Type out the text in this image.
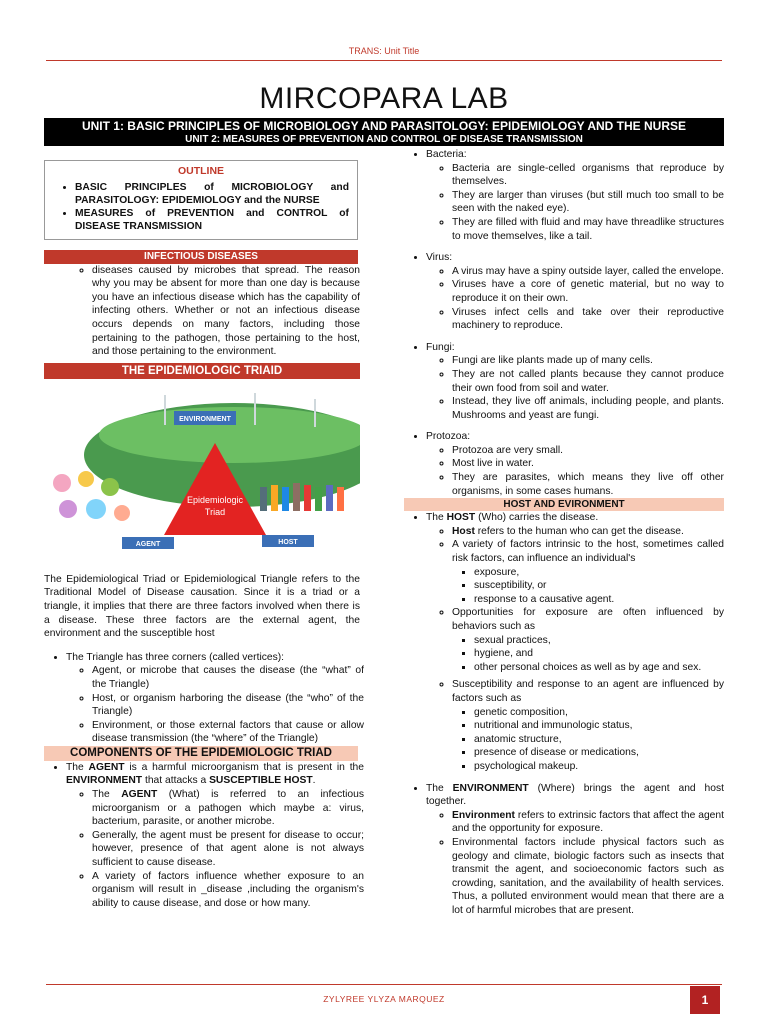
TRANS: Unit Title
MIRCOPARA LAB
UNIT 1: BASIC PRINCIPLES OF MICROBIOLOGY AND PARASITOLOGY: EPIDEMIOLOGY AND THE NURSE
UNIT 2: MEASURES OF PREVENTION AND CONTROL OF DISEASE TRANSMISSION
OUTLINE
• BASIC PRINCIPLES of MICROBIOLOGY and PARASITOLOGY: EPIDEMIOLOGY and the NURSE
• MEASURES of PREVENTION and CONTROL of DISEASE TRANSMISSION
INFECTIOUS DISEASES
◦ diseases caused by microbes that spread. The reason why you may be absent for more than one day is because you have an infectious disease which has the capability of infecting others. Whether or not an infectious disease occurs depends on many factors, including those pertaining to the pathogen, those pertaining to the host, and those pertaining to the environment.
THE EPIDEMIOLOGIC TRIAID
ENVIRONMENT
Epidemiologic
Triad
AGENT	HOST

The Epidemiological Triad or Epidemiological Triangle refers to the Traditional Model of Disease causation. Since it is a triad or a triangle, it implies that there are three factors involved when there is a disease. These three factors are the external agent, the environment and the susceptible host

• The Triangle has three corners (called vertices):
◦ Agent, or microbe that causes the disease (the “what” of the Triangle)
◦ Host, or organism harboring the disease (the “who” of the Triangle)
◦ Environment, or those external factors that cause or allow disease transmission (the “where” of the Triangle)
COMPONENTS OF THE EPIDEMIOLOGIC TRIAD
• The AGENT is a harmful microorganism that is present in the ENVIRONMENT that attacks a SUSCEPTIBLE HOST.
◦ The AGENT (What) is referred to an infectious microorganism or a pathogen which maybe a: virus, bacterium, parasite, or another microbe.
◦ Generally, the agent must be present for disease to occur; however, presence of that agent alone is not always sufficient to cause disease.
◦ A variety of factors influence whether exposure to an organism will result in _disease ,including the organism's ability to cause disease, and dose or how many.
• Bacteria:
◦ Bacteria are single-celled organisms that reproduce by themselves.
◦ They are larger than viruses (but still much too small to be seen with the naked eye).
◦ They are filled with fluid and may have threadlike structures to move themselves, like a tail.
• Virus:
◦ A virus may have a spiny outside layer, called the envelope.
◦ Viruses have a core of genetic material, but no way to reproduce it on their own.
◦ Viruses infect cells and take over their reproductive machinery to reproduce.
• Fungi:
◦ Fungi are like plants made up of many cells.
◦ They are not called plants because they cannot produce their own food from soil and water.
◦ Instead, they live off animals, including people, and plants. Mushrooms and yeast are fungi.
• Protozoa:
◦ Protozoa are very small.
◦ Most live in water.
◦ They are parasites, which means they live off other organisms, in some cases humans.
HOST AND EVIRONMENT
• The HOST (Who) carries the disease.
◦ Host refers to the human who can get the disease.
◦ A variety of factors intrinsic to the host, sometimes called risk factors, can influence an individual's
▪ exposure,
▪ susceptibility, or
▪ response to a causative agent.
◦ Opportunities for exposure are often influenced by behaviors such as
▪ sexual practices,
▪ hygiene, and
▪ other personal choices as well as by age and sex.
◦ Susceptibility and response to an agent are influenced by factors such as
▪ genetic composition,
▪ nutritional and immunologic status,
▪ anatomic structure,
▪ presence of disease or medications,
▪ psychological makeup.
• The ENVIRONMENT (Where) brings the agent and host together.
◦ Environment refers to extrinsic factors that affect the agent and the opportunity for exposure.
◦ Environmental factors include physical factors such as geology and climate, biologic factors such as insects that transmit the agent, and socioeconomic factors such as crowding, sanitation, and the availability of health services. Thus, a polluted environment would mean that there are a lot of harmful microbes that are present.
ZYLYREE YLYZA MARQUEZ	1
